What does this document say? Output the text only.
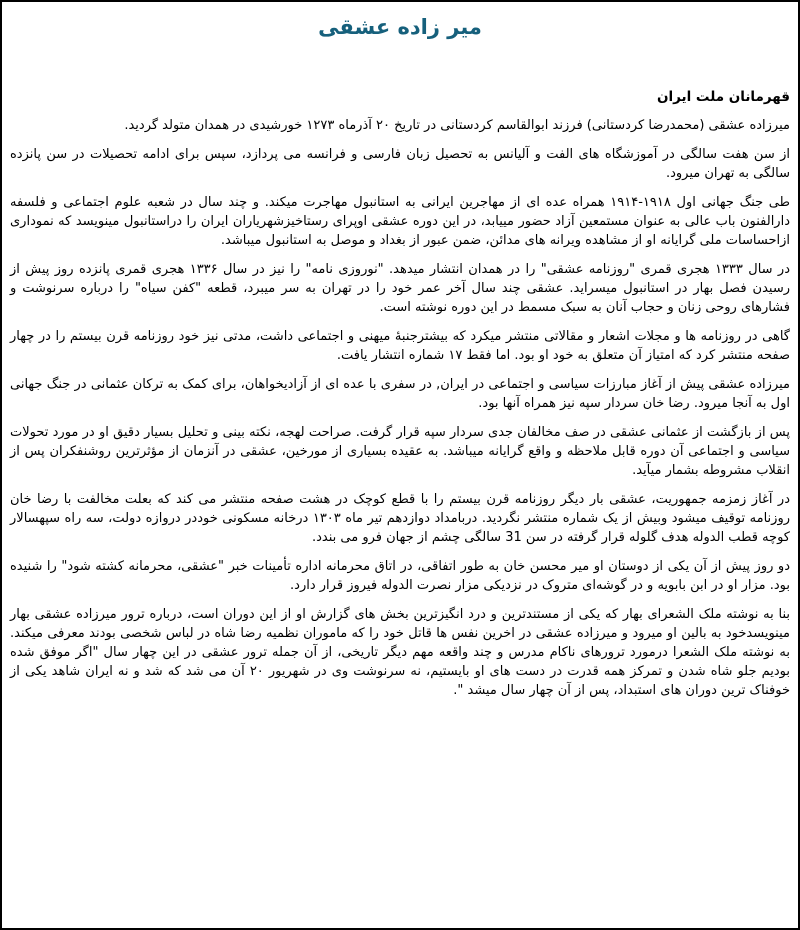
میر زاده عشقی
قهرمانان ملت ایران

میرزاده عشقی (محمدرضا کردستانی) فرزند ابوالقاسم کردستانی در تاریخ ۲۰ آذرماه ۱۲۷۳ خورشیدی در همدان متولد گردید.

از سن هفت سالگی در آموزشگاه های الفت و آلیانس به تحصیل زبان فارسی و فرانسه می پردازد، سپس برای ادامه تحصیلات در سن پانزده سالگی به تهران میرود.

طی جنگ جهانی اول ۱۹۱۸-۱۹۱۴ همراه عده ای از مهاجرین ایرانی به استانبول مهاجرت میکند. و چند سال در شعبه علوم اجتماعی و فلسفه دارالفنون باب عالی به عنوان مستمعین آزاد حضور مییابد، در این دوره عشقی اوپرای رستاخیزشهریاران ایران را دراستانبول مینویسد که نموداری ازاحساسات ملی گرایانه او از مشاهده ویرانه های مدائن، ضمن عبور از بغداد و موصل به استانبول میباشد.

در سال ۱۳۳۳ هجری قمری "روزنامه عشقی" را در همدان انتشار میدهد. "نوروزی نامه" را نیز در سال ۱۳۳۶ هجری قمری پانزده روز پیش از رسیدن فصل بهار در استانبول میسراید. عشقی چند سال آخر عمر خود را در تهران به سر میبرد، قطعه "کفن سیاه" را درباره سرنوشت و فشارهای روحی زنان و حجاب آنان به سبک مسمط در این دوره نوشته است.

گاهی در روزنامه ها و مجلات اشعار و مقالاتی منتشر میکرد که بیشترجنبهٔ میهنی و اجتماعی داشت، مدتی نیز خود روزنامه قرن بیستم را در چهار صفحه منتشر کرد که امتیاز آن متعلق به خود او بود. اما فقط ۱۷ شماره انتشار یافت.

میرزاده عشقی پیش از آغاز مبارزات سیاسی و اجتماعی در ایران, در سفری با عده ای از آزادیخواهان، برای کمک به ترکان عثمانی در جنگ جهانی اول به آنجا میرود. رضا خان سردار سپه نیز همراه آنها بود.

پس از بازگشت از عثمانی عشقی در صف مخالفان جدی سردار سپه قرار گرفت. صراحت لهجه، نکته بینی و تحلیل بسیار دقیق او در مورد تحولات سیاسی و اجتماعی آن دوره قابل ملاحظه و واقع گرایانه میباشد. به عقیده بسیاری از مورخین، عشقی در آنزمان از مؤثرترین روشنفکران پس از انقلاب مشروطه بشمار میآید.

در آغاز زمزمه جمهوریت، عشقی بار دیگر روزنامه قرن بیستم را با قطع کوچک در هشت صفحه منتشر می کند که بعلت مخالفت با رضا خان روزنامه توقیف میشود وبیش از یک شماره منتشر نگردید. دربامداد دوازدهم تیر ماه ۱۳۰۳ درخانه مسکونی خوددر دروازه دولت، سه راه سپهسالار کوچه قطب الدوله هدف گلوله قرار گرفته در سن 31 سالگی چشم از جهان فرو می بندد.

دو روز پیش از آن یکی از دوستان او میر محسن خان به طور اتفاقی، در اتاق محرمانه اداره تأمینات خبر "عشقی، محرمانه کشته شود" را شنیده بود. مزار او در ابن بابویه و در گوشه‌ای متروک در نزدیکی مزار نصرت الدوله فیروز قرار دارد.

بنا به نوشته ملک الشعرای بهار که یکی از مستندترین و درد انگیزترین بخش های گزارش او از این دوران است، درباره ترور میرزاده عشقی بهار مینویسدخود به بالین او میرود و میرزاده عشقی در اخرین نفس ها قاتل خود را که ماموران نظمیه رضا شاه در لباس شخصی بودند معرفی میکند. به نوشته ملک الشعرا درمورد ترورهای ناکام مدرس و چند واقعه مهم دیگر تاریخی، از آن جمله ترور عشقی در این چهار سال "اگر موفق شده بودیم جلو شاه شدن و تمرکز همه قدرت در دست های او بایستیم، نه سرنوشت وی در شهریور ۲۰ آن می شد که شد و نه ایران شاهد یکی از خوفناک ترین دوران های استبداد، پس از آن چهار سال میشد ".
